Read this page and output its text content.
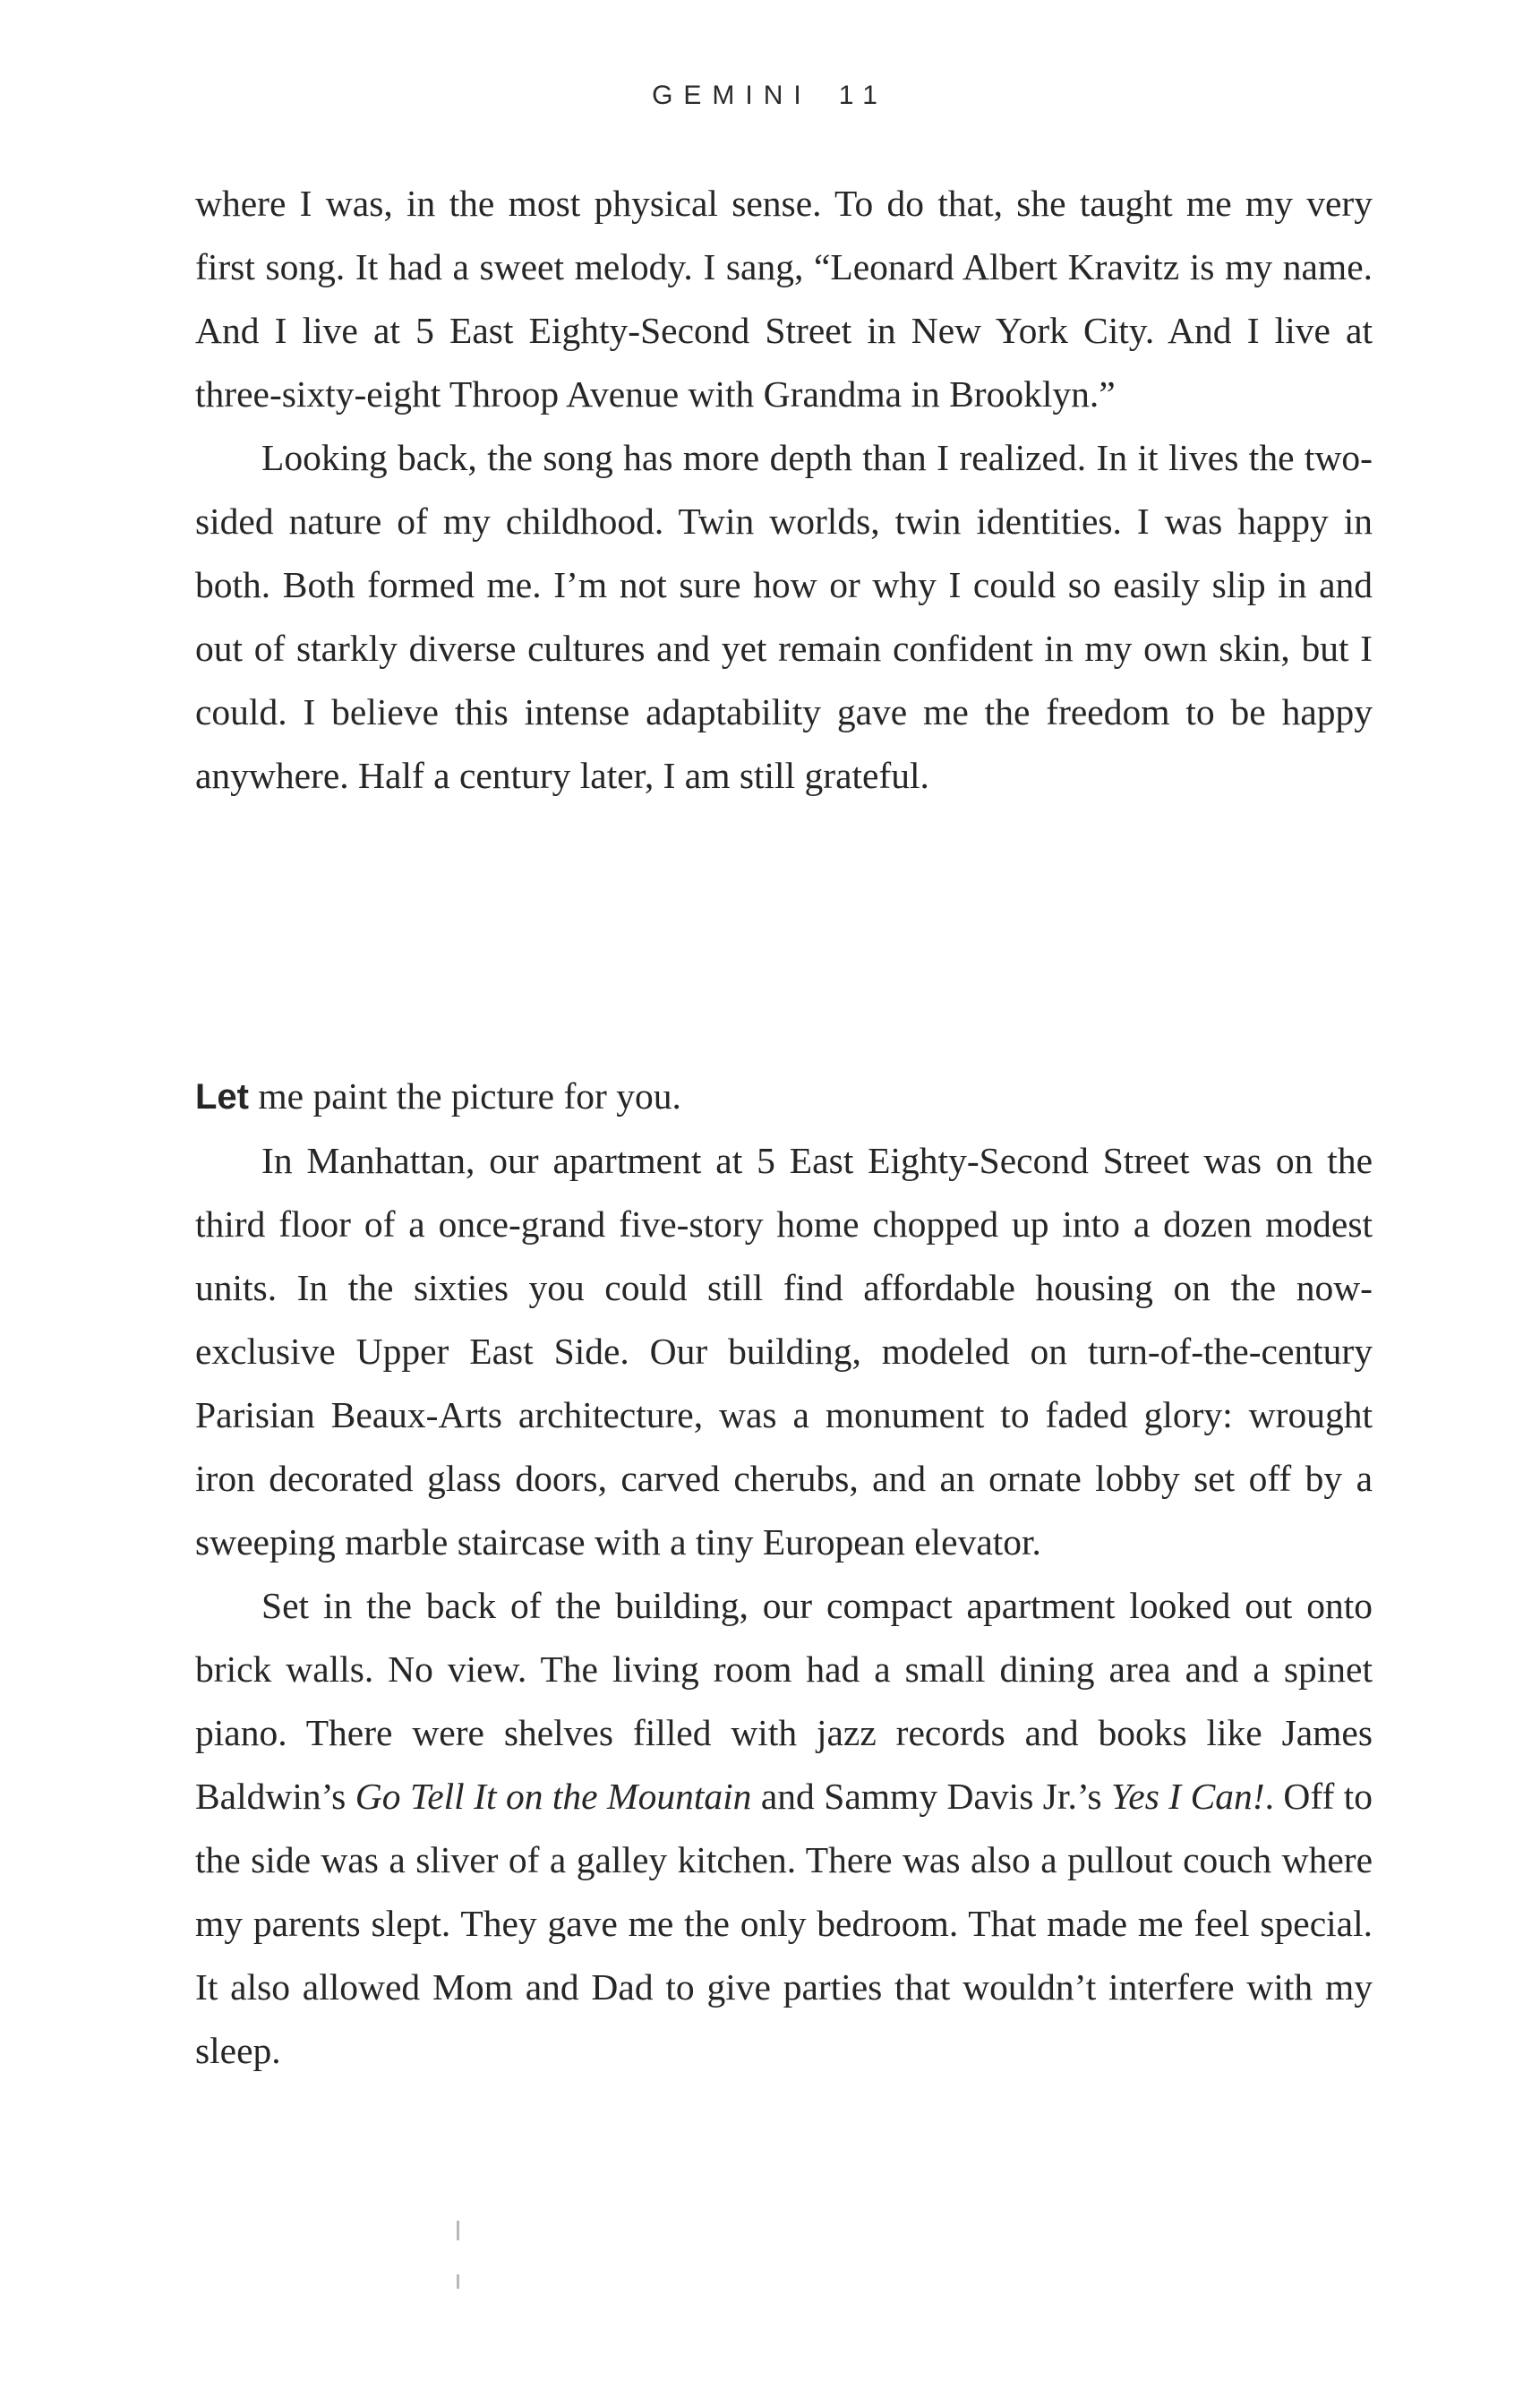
GEMINI 11

where I was, in the most physical sense. To do that, she taught me my very first song. It had a sweet melody. I sang, “Leonard Albert Kravitz is my name. And I live at 5 East Eighty-Second Street in New York City. And I live at three-sixty-eight Throop Avenue with Grandma in Brooklyn.”

Looking back, the song has more depth than I realized. In it lives the two-sided nature of my childhood. Twin worlds, twin identities. I was happy in both. Both formed me. I’m not sure how or why I could so easily slip in and out of starkly diverse cultures and yet remain confident in my own skin, but I could. I believe this intense adaptability gave me the freedom to be happy anywhere. Half a century later, I am still grateful.

Let me paint the picture for you.

In Manhattan, our apartment at 5 East Eighty-Second Street was on the third floor of a once-grand five-story home chopped up into a dozen modest units. In the sixties you could still find affordable housing on the now-exclusive Upper East Side. Our building, modeled on turn-of-the-century Parisian Beaux-Arts architecture, was a monument to faded glory: wrought iron decorated glass doors, carved cherubs, and an ornate lobby set off by a sweeping marble staircase with a tiny European elevator.

Set in the back of the building, our compact apartment looked out onto brick walls. No view. The living room had a small dining area and a spinet piano. There were shelves filled with jazz records and books like James Baldwin’s Go Tell It on the Mountain and Sammy Davis Jr.’s Yes I Can!. Off to the side was a sliver of a galley kitchen. There was also a pullout couch where my parents slept. They gave me the only bedroom. That made me feel special. It also allowed Mom and Dad to give parties that wouldn’t interfere with my sleep.
